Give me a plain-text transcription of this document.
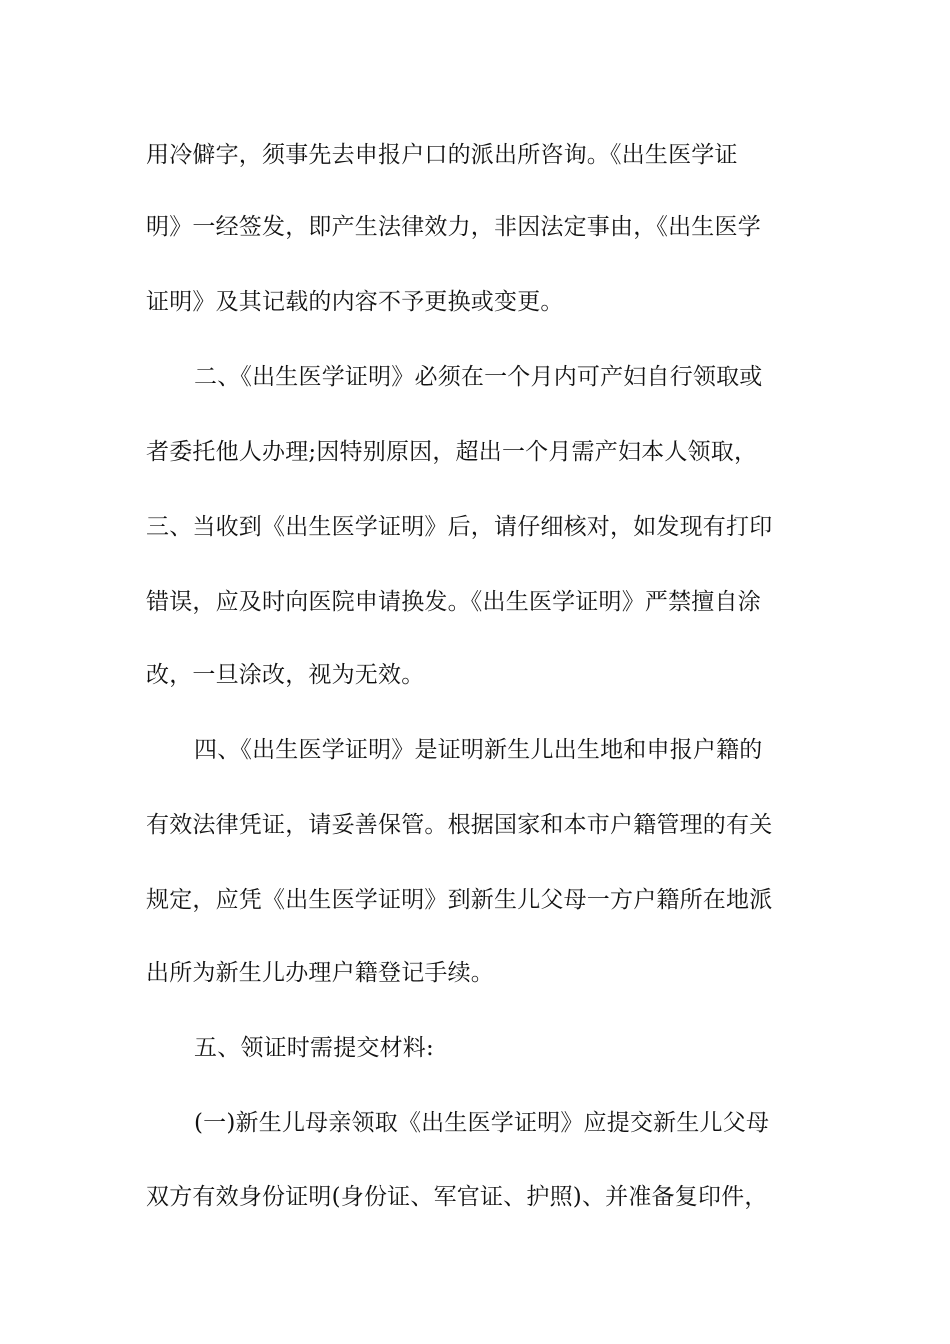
用冷僻字，须事先去申报户口的派出所咨询。《出生医学证
明》一经签发，即产生法律效力，非因法定事由，《出生医学
证明》及其记载的内容不予更换或变更。
二、《出生医学证明》必须在一个月内可产妇自行领取或
者委托他人办理;因特别原因，超出一个月需产妇本人领取，
三、当收到《出生医学证明》后，请仔细核对，如发现有打印
错误，应及时向医院申请换发。《出生医学证明》严禁擅自涂
改，一旦涂改，视为无效。
四、《出生医学证明》是证明新生儿出生地和申报户籍的
有效法律凭证，请妥善保管。根据国家和本市户籍管理的有关
规定，应凭《出生医学证明》到新生儿父母一方户籍所在地派
出所为新生儿办理户籍登记手续。
五、领证时需提交材料:
(一)新生儿母亲领取《出生医学证明》应提交新生儿父母
双方有效身份证明(身份证、军官证、护照)、并准备复印件，
